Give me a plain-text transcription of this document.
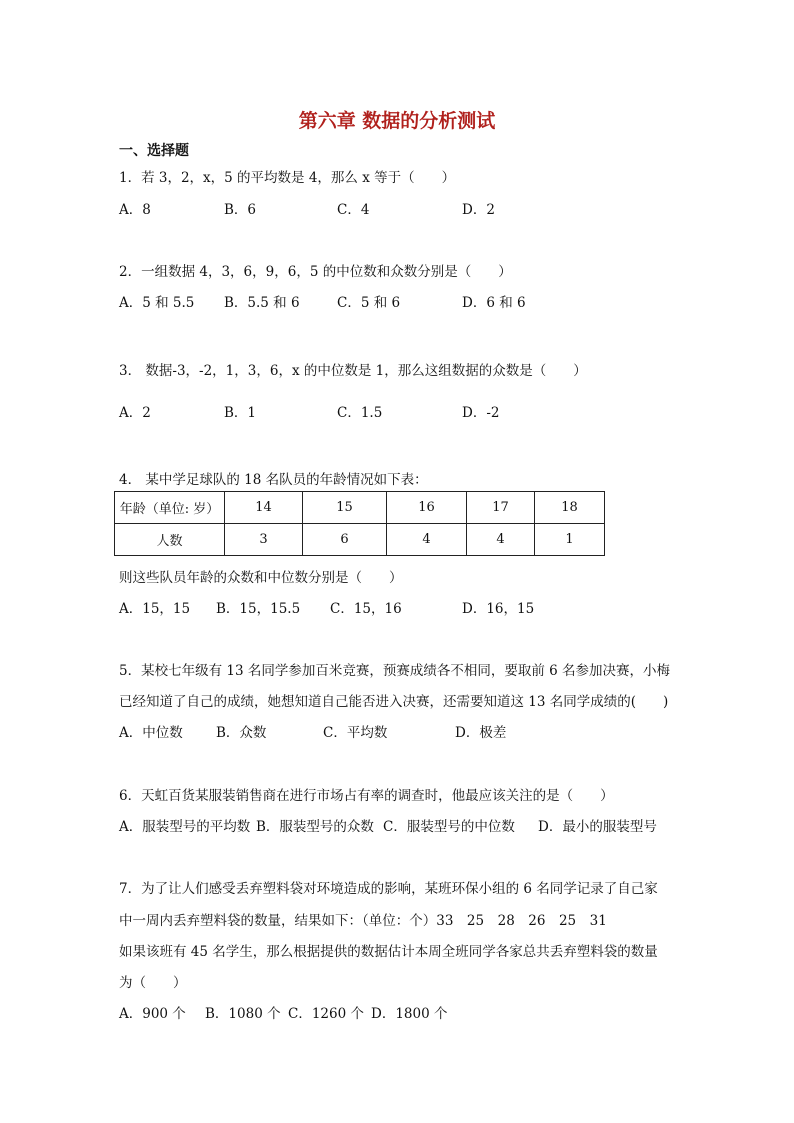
第六章 数据的分析测试
一、选择题
1．若 3，2，x，5 的平均数是 4，那么 x 等于（　　）
A．8	B．6	C．4	D．2
2．一组数据 4，3，6，9，6，5 的中位数和众数分别是（　　）
A．5 和 5.5 B．5.5 和 6	C．5 和 6	D．6 和 6
3． 数据-3，-2，1，3，6，x 的中位数是 1，那么这组数据的众数是（　　）
A．2	B．1	C．1.5	D．-2
4． 某中学足球队的 18 名队员的年龄情况如下表：
年龄（单位: 岁）	14	15	16	17	18
人数	3	6	4	4	1
则这些队员年龄的众数和中位数分别是（　　）
A．15，15 B．15，15.5 C．15，16	D．16，15
5．某校七年级有 13 名同学参加百米竞赛，预赛成绩各不相同，要取前 6 名参加决赛，小梅
已经知道了自己的成绩，她想知道自己能否进入决赛，还需要知道这 13 名同学成绩的(　　)
A．中位数 B．众数	C．平均数	D．极差
6．天虹百货某服装销售商在进行市场占有率的调查时，他最应该关注的是（　　）
A．服装型号的平均数 B．服装型号的众数 C．服装型号的中位数 D．最小的服装型号
7．为了让人们感受丢弃塑料袋对环境造成的影响，某班环保小组的 6 名同学记录了自己家
中一周内丢弃塑料袋的数量，结果如下：（单位：个）33　25　28　26　25　31
如果该班有 45 名学生，那么根据提供的数据估计本周全班同学各家总共丢弃塑料袋的数量
为（　　）
A．900 个 B．1080 个 C．1260 个 D．1800 个
